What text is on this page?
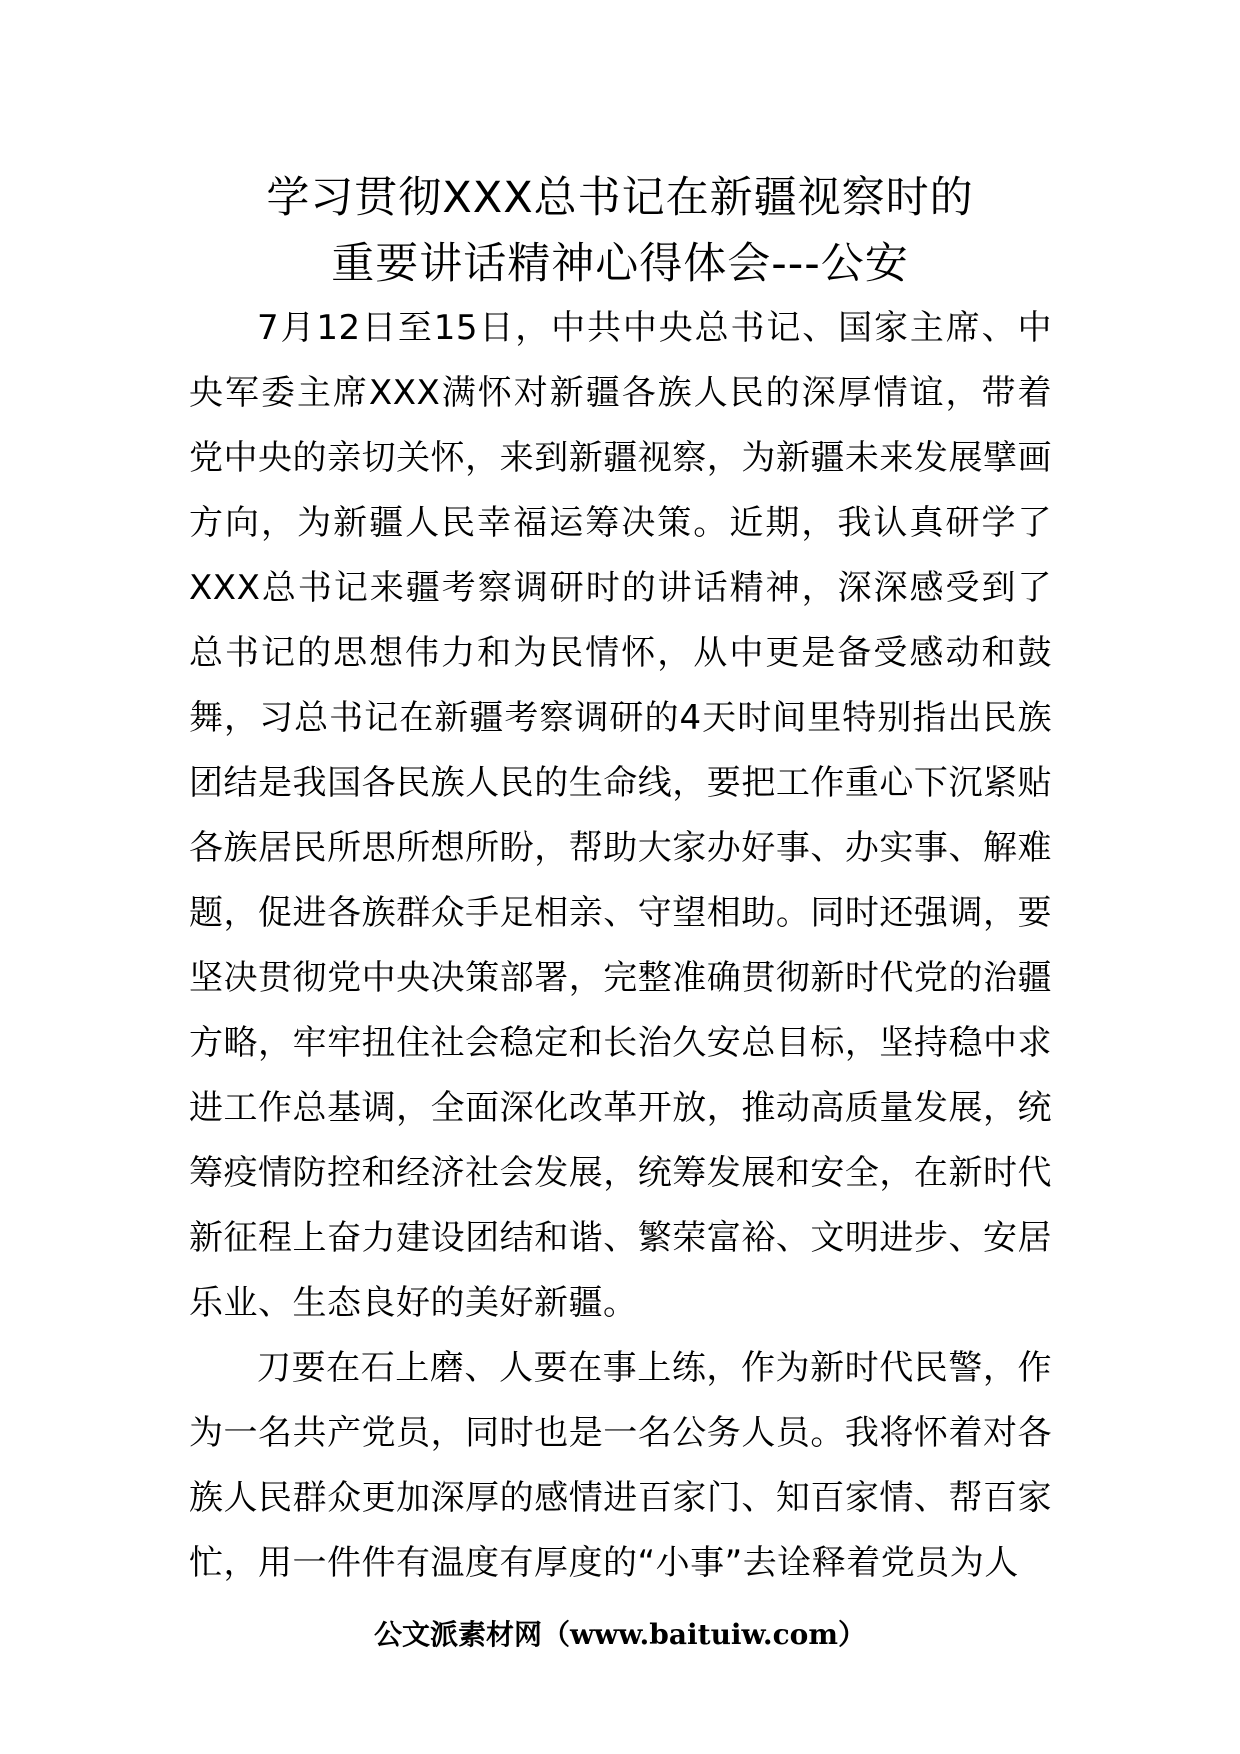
学习贯彻XXX总书记在新疆视察时的
重要讲话精神心得体会---公安

7月12日至15日，中共中央总书记、国家主席、中央军委主席XXX满怀对新疆各族人民的深厚情谊，带着党中央的亲切关怀，来到新疆视察，为新疆未来发展擘画方向，为新疆人民幸福运筹决策。近期，我认真研学了XXX总书记来疆考察调研时的讲话精神，深深感受到了总书记的思想伟力和为民情怀，从中更是备受感动和鼓舞，习总书记在新疆考察调研的4天时间里特别指出民族团结是我国各民族人民的生命线，要把工作重心下沉紧贴各族居民所思所想所盼，帮助大家办好事、办实事、解难题，促进各族群众手足相亲、守望相助。同时还强调，要坚决贯彻党中央决策部署，完整准确贯彻新时代党的治疆方略，牢牢扭住社会稳定和长治久安总目标，坚持稳中求进工作总基调，全面深化改革开放，推动高质量发展，统筹疫情防控和经济社会发展，统筹发展和安全，在新时代新征程上奋力建设团结和谐、繁荣富裕、文明进步、安居乐业、生态良好的美好新疆。

刀要在石上磨、人要在事上练，作为新时代民警，作为一名共产党员，同时也是一名公务人员。我将怀着对各族人民群众更加深厚的感情进百家门、知百家情、帮百家忙，用一件件有温度有厚度的“小事”去诠释着党员为人

公文派素材网（www.baituiw.com）
